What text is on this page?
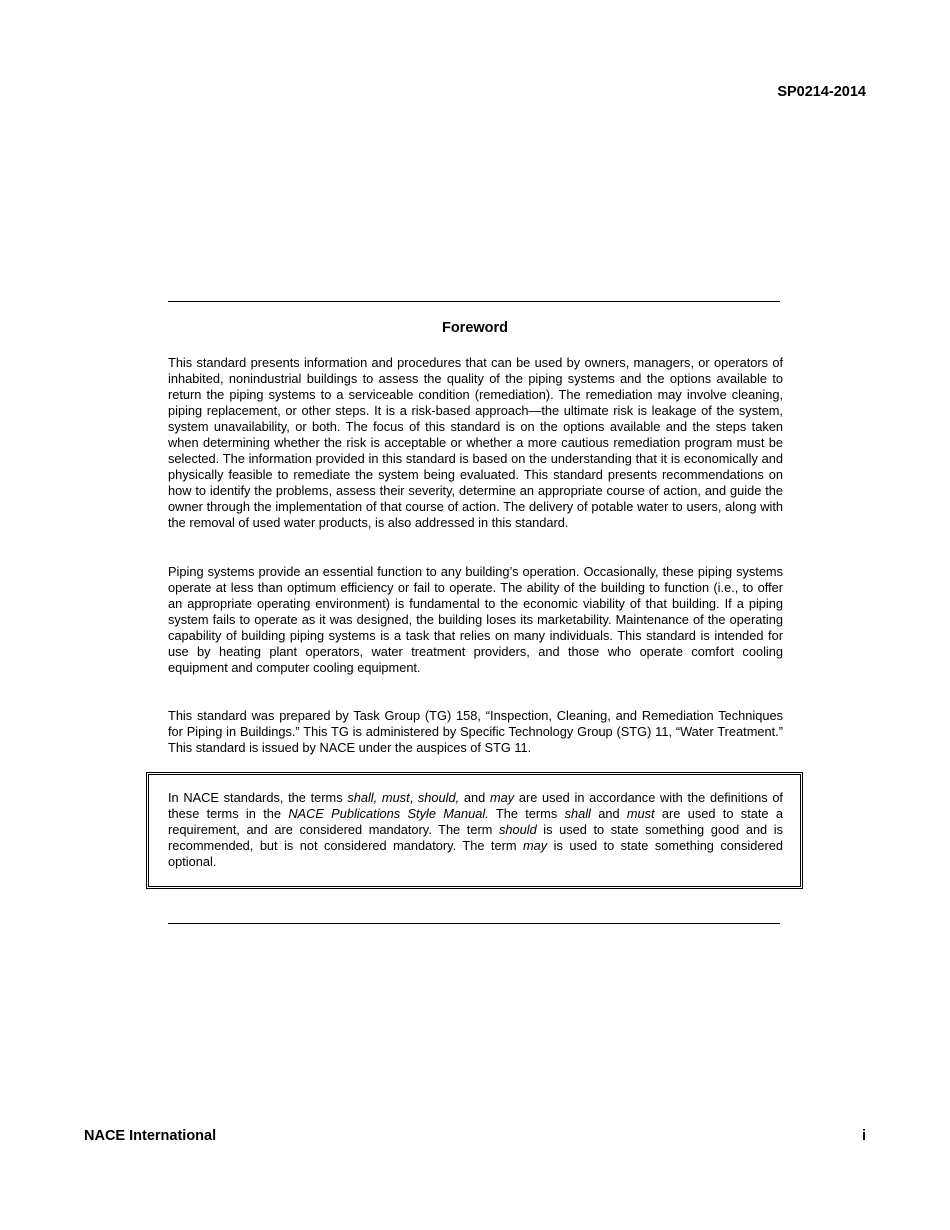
SP0214-2014
Foreword

This standard presents information and procedures that can be used by owners, managers, or operators of inhabited, nonindustrial buildings to assess the quality of the piping systems and the options available to return the piping systems to a serviceable condition (remediation). The remediation may involve cleaning, piping replacement, or other steps. It is a risk-based approach—the ultimate risk is leakage of the system, system unavailability, or both. The focus of this standard is on the options available and the steps taken when determining whether the risk is acceptable or whether a more cautious remediation program must be selected. The information provided in this standard is based on the understanding that it is economically and physically feasible to remediate the system being evaluated. This standard presents recommendations on how to identify the problems, assess their severity, determine an appropriate course of action, and guide the owner through the implementation of that course of action. The delivery of potable water to users, along with the removal of used water products, is also addressed in this standard.

Piping systems provide an essential function to any building’s operation. Occasionally, these piping systems operate at less than optimum efficiency or fail to operate. The ability of the building to function (i.e., to offer an appropriate operating environment) is fundamental to the economic viability of that building. If a piping system fails to operate as it was designed, the building loses its marketability. Maintenance of the operating capability of building piping systems is a task that relies on many individuals. This standard is intended for use by heating plant operators, water treatment providers, and those who operate comfort cooling equipment and computer cooling equipment.

This standard was prepared by Task Group (TG) 158, “Inspection, Cleaning, and Remediation Techniques for Piping in Buildings.” This TG is administered by Specific Technology Group (STG) 11, “Water Treatment.” This standard is issued by NACE under the auspices of STG 11.

In NACE standards, the terms shall, must, should, and may are used in accordance with the definitions of these terms in the NACE Publications Style Manual. The terms shall and must are used to state a requirement, and are considered mandatory. The term should is used to state something good and is recommended, but is not considered mandatory. The term may is used to state something considered optional.

NACE International	i
